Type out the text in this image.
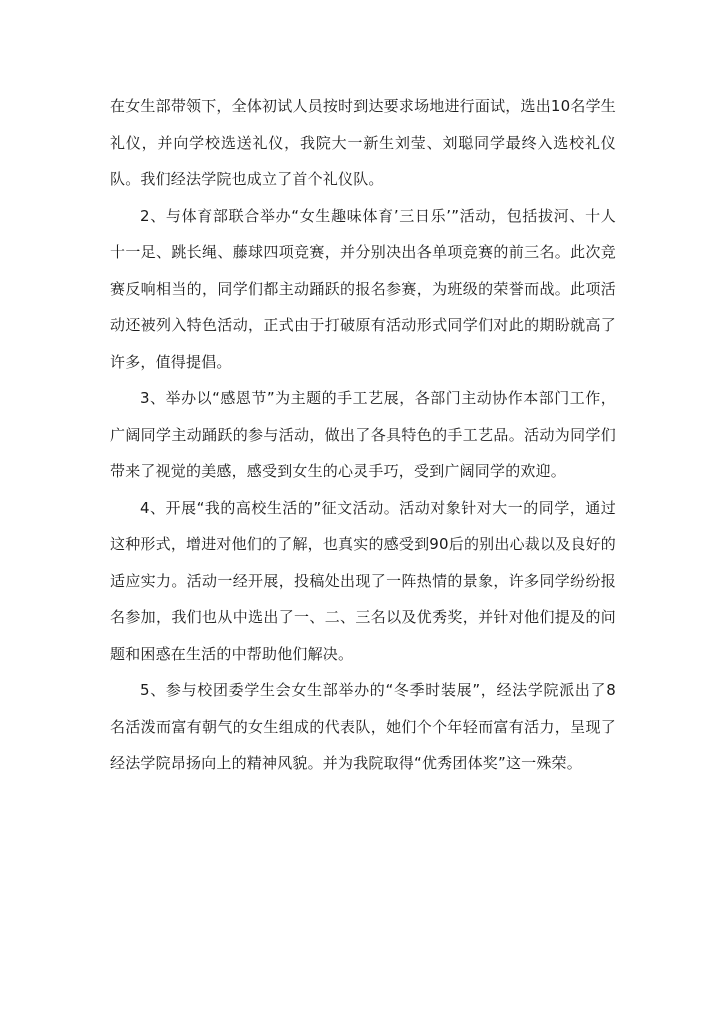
在女生部带领下，全体初试人员按时到达要求场地进行面试，选出10名学生礼仪，并向学校选送礼仪，我院大一新生刘莹、刘聪同学最终入选校礼仪队。我们经法学院也成立了首个礼仪队。

2、与体育部联合举办“女生趣味体育’三日乐’”活动，包括拔河、十人十一足、跳长绳、藤球四项竞赛，并分别决出各单项竞赛的前三名。此次竞赛反响相当的，同学们都主动踊跃的报名参赛，为班级的荣誉而战。此项活动还被列入特色活动，正式由于打破原有活动形式同学们对此的期盼就高了许多，值得提倡。

3、举办以“感恩节”为主题的手工艺展，各部门主动协作本部门工作，广阔同学主动踊跃的参与活动，做出了各具特色的手工艺品。活动为同学们带来了视觉的美感，感受到女生的心灵手巧，受到广阔同学的欢迎。

4、开展“我的高校生活的”征文活动。活动对象针对大一的同学，通过这种形式，增进对他们的了解，也真实的感受到90后的别出心裁以及良好的适应实力。活动一经开展，投稿处出现了一阵热情的景象，许多同学纷纷报名参加，我们也从中选出了一、二、三名以及优秀奖，并针对他们提及的问题和困惑在生活的中帮助他们解决。

5、参与校团委学生会女生部举办的“冬季时装展”，经法学院派出了8名活泼而富有朝气的女生组成的代表队，她们个个年轻而富有活力，呈现了经法学院昂扬向上的精神风貌。并为我院取得“优秀团体奖”这一殊荣。
